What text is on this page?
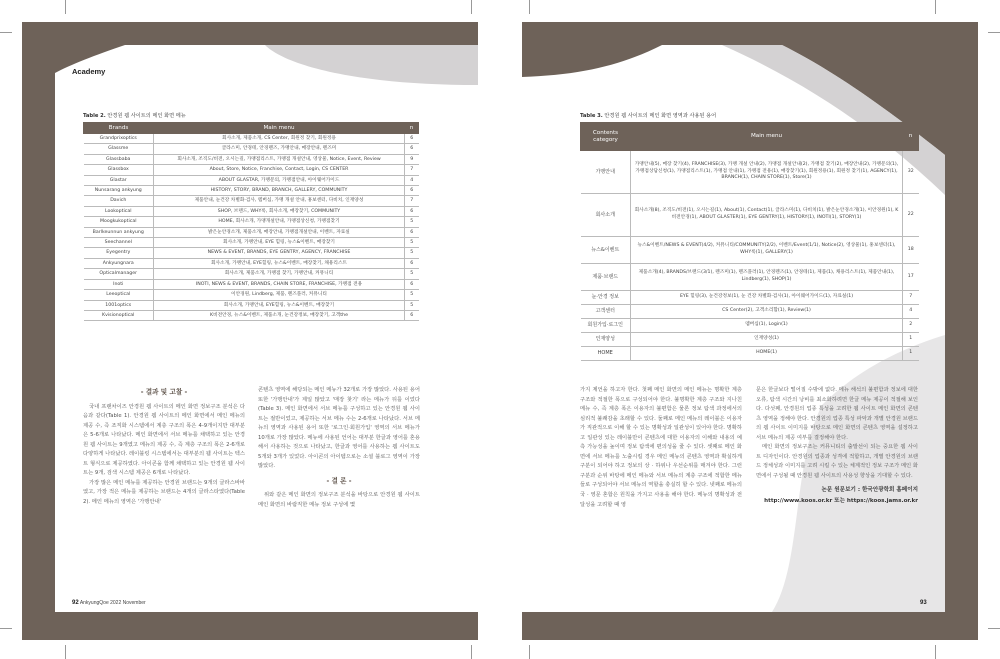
Academy
Table 2. 안경원 웹 사이트의 메인 화면 메뉴
Brands	Main menu	n
Grandprixoptics	회사소개, 제품소개, CS Center, 회원정 찾기, 회원정용	6
Glassme	글라스미, 안경테, 안경렌즈, 가맹안내, 매장안내, 렌즈미	6
Glassbaba	회사소개, 조직도/비전, 오시는길, 가맹점리스트, 가맹점 개설안내, 영상물, Notice, Event, Review	9
Glassbox	About, Store, Notice, Franchise, Contact, Login, CS CENTER	7
Glastar	ABOUT GLASTAR, 가맹문의, 가맹점안내, 아이웨어가이드	4
Nunsarang ankyung	HISTORY, STORY, BRAND, BRANCH, GALLERY, COMMUNITY	6
Davich	제품안내, 눈건강 차별화·검사, 멤버십, 가맹 개설 안내, 홍보센터, 다비치, 인재양성	7
Lookoptical	SHOP, 브랜드, WHY룩, 회사소개, 매장찾기, COMMUNITY	6
Moogkukoptical	HOME, 회사소개, 가맹개설안내, 가맹점상신청, 가맹점찾기	5
Barlkeunnun ankyung	밝은눈안경소개, 제품소개, 매장안내, 가맹점개설안내, 이벤트, 자료실	6
Seechannel	회사소개, 가맹안내, EYE 힐링, 뉴스&이벤트, 매장찾기	5
Eyegentry	NEWS & EVENT, BRANDS, EYE GENTRY, AGENCY, FRANCHISE	5
Ankyungnara	회사소개, 가맹안내, EYE힐링, 뉴스&이벤트, 매장찾기, 채용리스트	6
Opticalmanager	회사소개, 제품소개, 가맹점 찾기, 가맹안내, 커뮤니티	5
Inoti	INOTI, NEWS & EVENT, BRANDS, CHAIN STORE, FRANCHISE, 가맹점 전용	6
Leeoptical	이안경원, Lindberg, 제품, 렌즈플러, 커뮤니티	5
1001optics	회사소개, 가맹안내, EYE힐링, 뉴스&이벤트, 매장찾기	5
Kvisionoptical	K비전안경, 뉴스&이벤트, 제품소개, 눈건강정보, 매장찾기, 고객the	6
- 결과 및 고찰 -

국내 프랜차이즈 안경원 웹 사이트의 메인 화면 정보구조 분석은 다음과 같다(Table 1). 안경원 웹 사이트의 메인 화면에서 메인 메뉴의 제공 수, 즉 조직화 시스템에서 계층 구조의 폭은 4-9개이지만 대부분은 5-6개로 나타났다. 메인 화면에서 서브 메뉴를 채택하고 있는 안경원 웹 사이트는 9개였고 메뉴의 제공 수, 즉 계층 구조의 폭은 2-6개로 다양하게 나타났다. 레이블링 시스템에서는 대부분의 웹 사이트는 텍스트 형식으로 제공하였다. 아이콘을 함께 채택하고 있는 안경원 웹 사이트는 9개, 검색 시스템 제공은 6개로 나타났다.

가장 많은 메인 메뉴를 제공하는 안경원 브랜드는 9개의 글라스바바였고, 가장 적은 메뉴를 제공하는 브랜드는 4개의 글라스타였다(Table 2). 메인 메뉴의 영역은 '가맹안내'

콘텐츠 영역에 해당되는 메인 메뉴가 32개로 가장 많았다. 사용된 용어 또한 '가맹안내'가 제일 많았고 '매장 찾기' 라는 메뉴가 뒤를 이었다(Table 3). 메인 화면에서 서브 메뉴를 구성하고 있는 안경원 웹 사이트는 절반이었고, 제공하는 서브 메뉴 수는 2-6개로 나타났다. 서브 메뉴의 영역과 사용된 용어 또한 '로그인·회원가입' 영역의 서브 메뉴가 10개로 가장 많았다. 메뉴에 사용된 언어는 대부분 한글과 영어를 혼용해서 사용하는 것으로 나타났고, 한글과 영어를 사용하는 웹 사이트도 5개와 3개가 있었다. 아이콘의 아이템으로는 소셜 블로그 영역이 가장 많았다.

- 결 론 -

위와 같은 메인 화면의 정보구조 분석을 바탕으로 안경원 웹 사이트 메인 화면의 바람직한 메뉴 정보 구성에 몇

92 AnkyungQoe 2022 November
Table 3. 안경원 웹 사이트의 메인 화면 영역과 사용된 용어
Contents category	Main menu	n
가맹안내	가맹안내(5), 매장 찾기(4), FRANCHISE(3), 가맹 개설 안내(2), 가맹점 개설안내(2), 가맹점 찾기(2), 매장안내(2), 가맹문의(1), 가맹점상담신청(1), 가맹점리스트(1), 가맹점 안내(1), 가맹점 전용(1), 매장찾기(1), 회원정용(1), 회원정 찾기(1), AGENCY(1), BRANCH(1), CHAIN STORE(1), Store(1)	32
회사소개	회사소개(8), 조직도/비전(1), 오시는길(1), About(1), Contact(1), 글라스미(1), 다비치(1), 밝은눈안경소개(1), 이안경원(1), K비전안경(1), ABOUT GLASTER(1), EYE GENTRY(1), HISTORY(1), INOTI(1), STORY(1)	22
뉴스&이벤트	뉴스&이벤트/NEWS & EVENT(4/2), 커뮤니티/COMMUNITY(2/2), 이벤트/Event(1/1), Notice(2), 영상물(1), 홍보센터(1), WHY룩(1), GALLERY(1)	18
제품·브랜드	제품소개(4), BRANDS/브랜드(3/1), 렌즈미(1), 렌즈플러(1), 안경렌즈(1), 안경테(1), 제품(1), 채용리스트(1), 제품안내(1), Lindberg(1), SHOP(1)	17
눈·안경 정보	EYE 힐링(3), 눈건강정보(1), 눈 건강 차별화·검사(1), 아이웨어가이드(1), 자료실(1)	7
고객센터	CS Center(2), 고객소리함(1), Review(1)	4
회원가입·로그인	멤버십(1), Login(1)	2
인재양성	인재양성(1)	1
HOME	HOME(1)	1

가지 제언을 하고자 한다. 첫째 메인 화면의 메인 메뉴는 명확한 계층 구조와 적절한 폭으로 구성되어야 한다. 불명확한 계층 구조와 지나친 메뉴 수, 즉 계층 폭은 이용자의 불편함은 물론 정보 탐색 과정에서의 심리적 불쾌감을 초래할 수 있다. 둘째로 메인 메뉴의 레이블은 이용자가 직관적으로 이해 할 수 있는 명확성과 일관성이 있어야 한다. 명확하고 일관성 있는 레이블만이 콘텐츠에 대한 이용자의 이해와 내용의 예측 가능성을 높이며 정보 탐색에 편의성을 줄 수 있다. 셋째로 메인 화면에 서브 메뉴를 노출시킬 경우 메인 메뉴의 콘텐츠 영역과 확실하게 구분이 되어야 하고 정보의 상 · 하위나 우선순위를 매겨야 한다. 그런 구분과 순위 바탕에 메인 메뉴와 서브 메뉴의 계층 구조에 적합한 메뉴들로 구성되어야 서브 메뉴의 역할을 충실히 할 수 있다. 넷째로 메뉴의 국 · 영문 혼합은 원칙을 가지고 사용을 해야 한다. 메뉴의 명확성과 전달성을 고려할 때 영

문은 한글보다 떨어질 수밖에 없다. 메뉴 해석의 불편함과 정보에 대한 오류, 탐색 시간의 낭비를 최소화하려면 한글 메뉴 제공이 적절해 보인다. 다섯째, 안경원의 업종 특성을 고려한 웹 사이트 메인 화면의 콘텐츠 영역을 정해야 한다. 안경원의 업종 특성 파악과 개별 안경원 브랜드의 웹 사이트 이미지를 바탕으로 메인 화면의 콘텐츠 영역을 설정하고 서브 메뉴의 제공 여부를 결정해야 한다.

메인 화면의 정보구조는 커뮤니티의 출발선이 되는 중요한 웹 사이트 디자인이다. 안경원의 업종과 성격에 적합하고, 개별 안경원의 브랜드 정체성과 이미지를 고려 시킬 수 있는 체계적인 정보 구조가 메인 화면에서 구성될 때 안경원 웹 사이트의 사용성 향상을 기대할 수 있다.

논문 원문보기 : 한국안광학회 홈페이지
http://www.koos.or.kr 또는 https://koos.jams.or.kr
93
